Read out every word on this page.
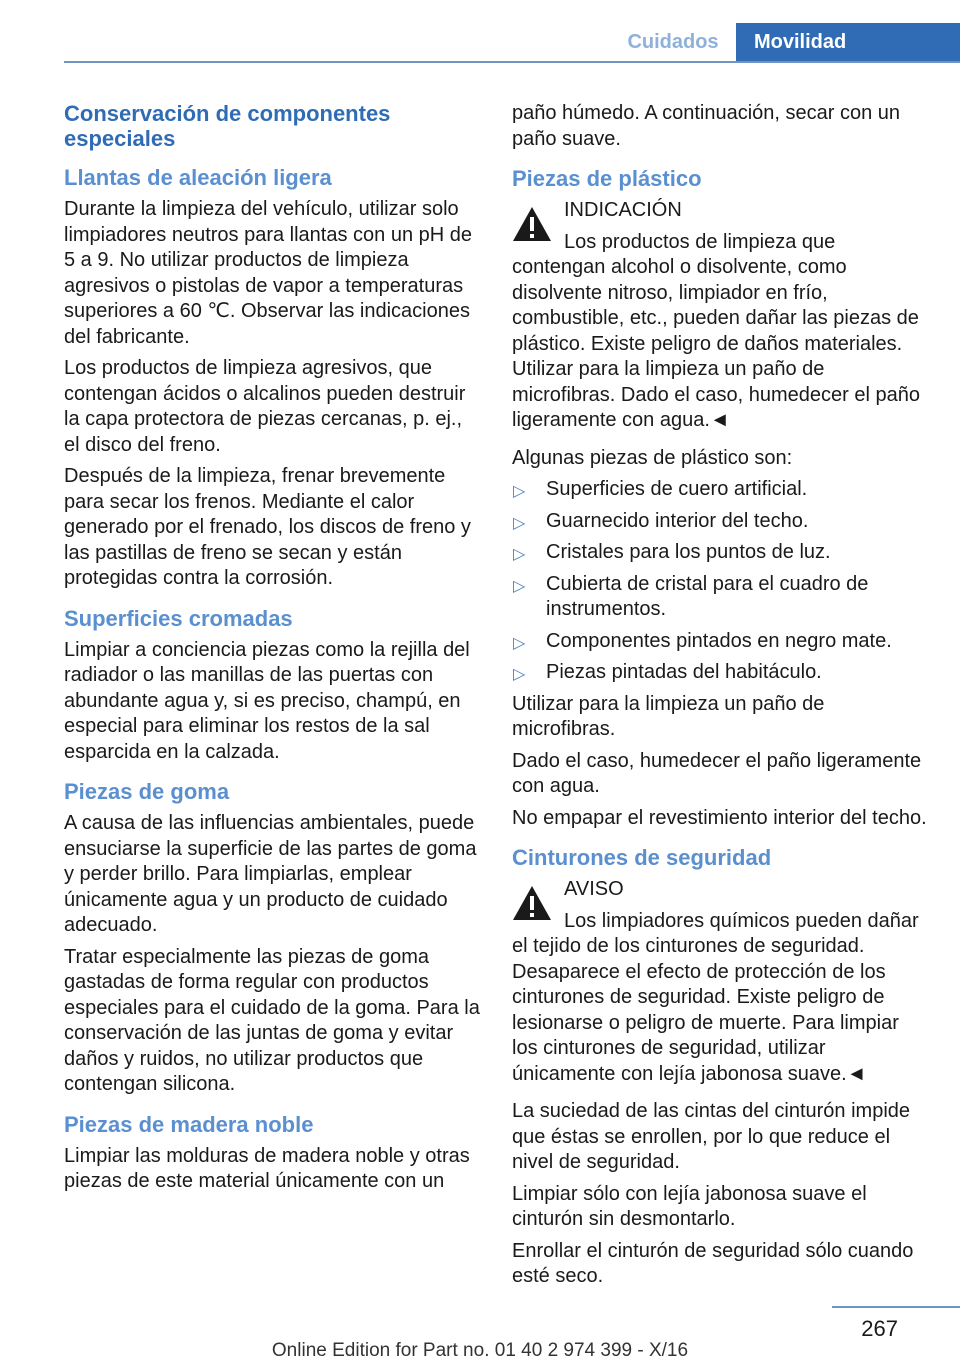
Cuidados	Movilidad
Conservación de componentes especiales
Llantas de aleación ligera

Durante la limpieza del vehículo, utilizar solo limpiadores neutros para llantas con un pH de 5 a 9. No utilizar productos de limpieza agresivos o pistolas de vapor a temperaturas superiores a 60 ℃. Observar las indicaciones del fabricante.

Los productos de limpieza agresivos, que contengan ácidos o alcalinos pueden destruir la capa protectora de piezas cercanas, p. ej., el disco del freno.

Después de la limpieza, frenar brevemente para secar los frenos. Mediante el calor generado por el frenado, los discos de freno y las pastillas de freno se secan y están protegidas contra la corrosión.

Superficies cromadas

Limpiar a conciencia piezas como la rejilla del radiador o las manillas de las puertas con abundante agua y, si es preciso, champú, en especial para eliminar los restos de la sal esparcida en la calzada.

Piezas de goma

A causa de las influencias ambientales, puede ensuciarse la superficie de las partes de goma y perder brillo. Para limpiarlas, emplear únicamente agua y un producto de cuidado adecuado.

Tratar especialmente las piezas de goma gastadas de forma regular con productos especiales para el cuidado de la goma. Para la conservación de las juntas de goma y evitar daños y ruidos, no utilizar productos que contengan silicona.

Piezas de madera noble

Limpiar las molduras de madera noble y otras piezas de este material únicamente con un

paño húmedo. A continuación, secar con un paño suave.

Piezas de plástico

INDICACIÓN

Los productos de limpieza que contengan alcohol o disolvente, como disolvente nitroso, limpiador en frío, combustible, etc., pueden dañar las piezas de plástico. Existe peligro de daños materiales. Utilizar para la limpieza un paño de microfibras. Dado el caso, humedecer el paño ligeramente con agua.◄

Algunas piezas de plástico son:

▷ Superficies de cuero artificial.
▷ Guarnecido interior del techo.
▷ Cristales para los puntos de luz.
▷ Cubierta de cristal para el cuadro de instrumentos.
▷ Componentes pintados en negro mate.
▷ Piezas pintadas del habitáculo.

Utilizar para la limpieza un paño de microfibras.

Dado el caso, humedecer el paño ligeramente con agua.

No empapar el revestimiento interior del techo.

Cinturones de seguridad

AVISO

Los limpiadores químicos pueden dañar el tejido de los cinturones de seguridad. Desaparece el efecto de protección de los cinturones de seguridad. Existe peligro de lesionarse o peligro de muerte. Para limpiar los cinturones de seguridad, utilizar únicamente con lejía jabonosa suave.◄

La suciedad de las cintas del cinturón impide que éstas se enrollen, por lo que reduce el nivel de seguridad.

Limpiar sólo con lejía jabonosa suave el cinturón sin desmontarlo.

Enrollar el cinturón de seguridad sólo cuando esté seco.

267
Online Edition for Part no. 01 40 2 974 399 - X/16
